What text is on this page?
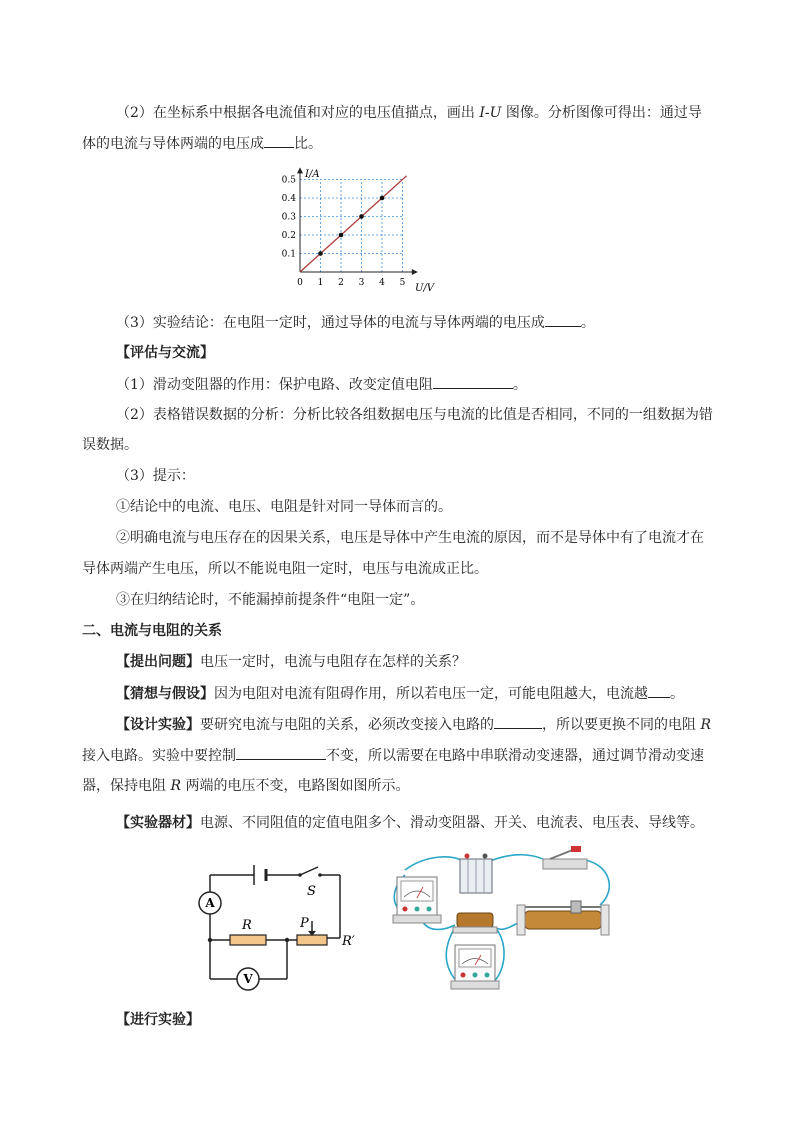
（2）在坐标系中根据各电流值和对应的电压值描点，画出 I-U 图像。分析图像可得出：通过导
体的电流与导体两端的电压成 比。
0 1 2 3 4 5
0.1
0.2
0.3
0.4
0.5
I/A
U/V
（3）实验结论：在电阻一定时，通过导体的电流与导体两端的电压成	。
【评估与交流】
（1）滑动变阻器的作用：保护电路、改变定值电阻	。
（2）表格错误数据的分析：分析比较各组数据电压与电流的比值是否相同，不同的一组数据为错
误数据。
（3）提示：
①结论中的电流、电压、电阻是针对同一导体而言的。
②明确电流与电压存在的因果关系，电压是导体中产生电流的原因，而不是导体中有了电流才在
导体两端产生电压，所以不能说电阻一定时，电压与电流成正比。
③在归纳结论时，不能漏掉前提条件“电阻一定”。
二、电流与电阻的关系
【提出问题】电压一定时，电流与电阻存在怎样的关系？
【猜想与假设】因为电阻对电流有阻碍作用，所以若电压一定，可能电阻越大，电流越 。
【设计实验】要研究电流与电阻的关系，必须改变接入电路的	，所以要更换不同的电阻 R
接入电路。实验中要控制	不变，所以需要在电路中串联滑动变速器，通过调节滑动变速
器，保持电阻 R 两端的电压不变，电路图如图所示。
【实验器材】电源、不同阻值的定值电阻多个、滑动变阻器、开关、电流表、电压表、导线等。
A
R	P
R′
V
S
【进行实验】
